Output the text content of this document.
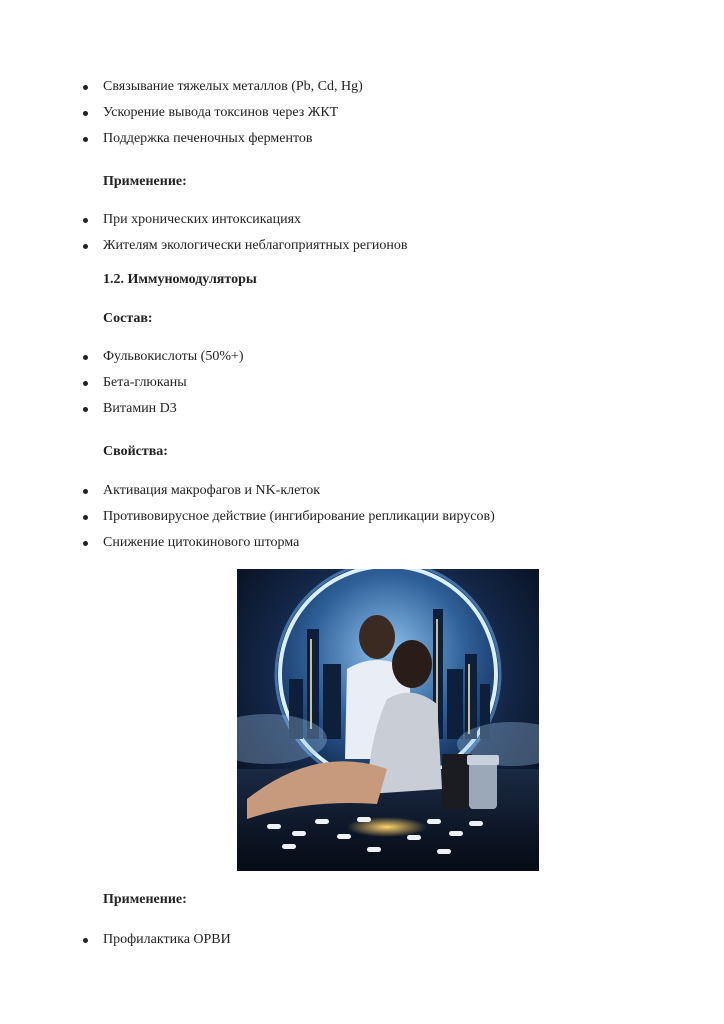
Связывание тяжелых металлов (Pb, Cd, Hg)
Ускорение вывода токсинов через ЖКТ
Поддержка печеночных ферментов
Применение:
При хронических интоксикациях
Жителям экологически неблагоприятных регионов
1.2. Иммуномодуляторы
Состав:
Фульвокислоты (50%+)
Бета-глюканы
Витамин D3
Свойства:
Активация макрофагов и NK-клеток
Противовирусное действие (ингибирование репликации вирусов)
Снижение цитокинового шторма
Применение:
Профилактика ОРВИ
